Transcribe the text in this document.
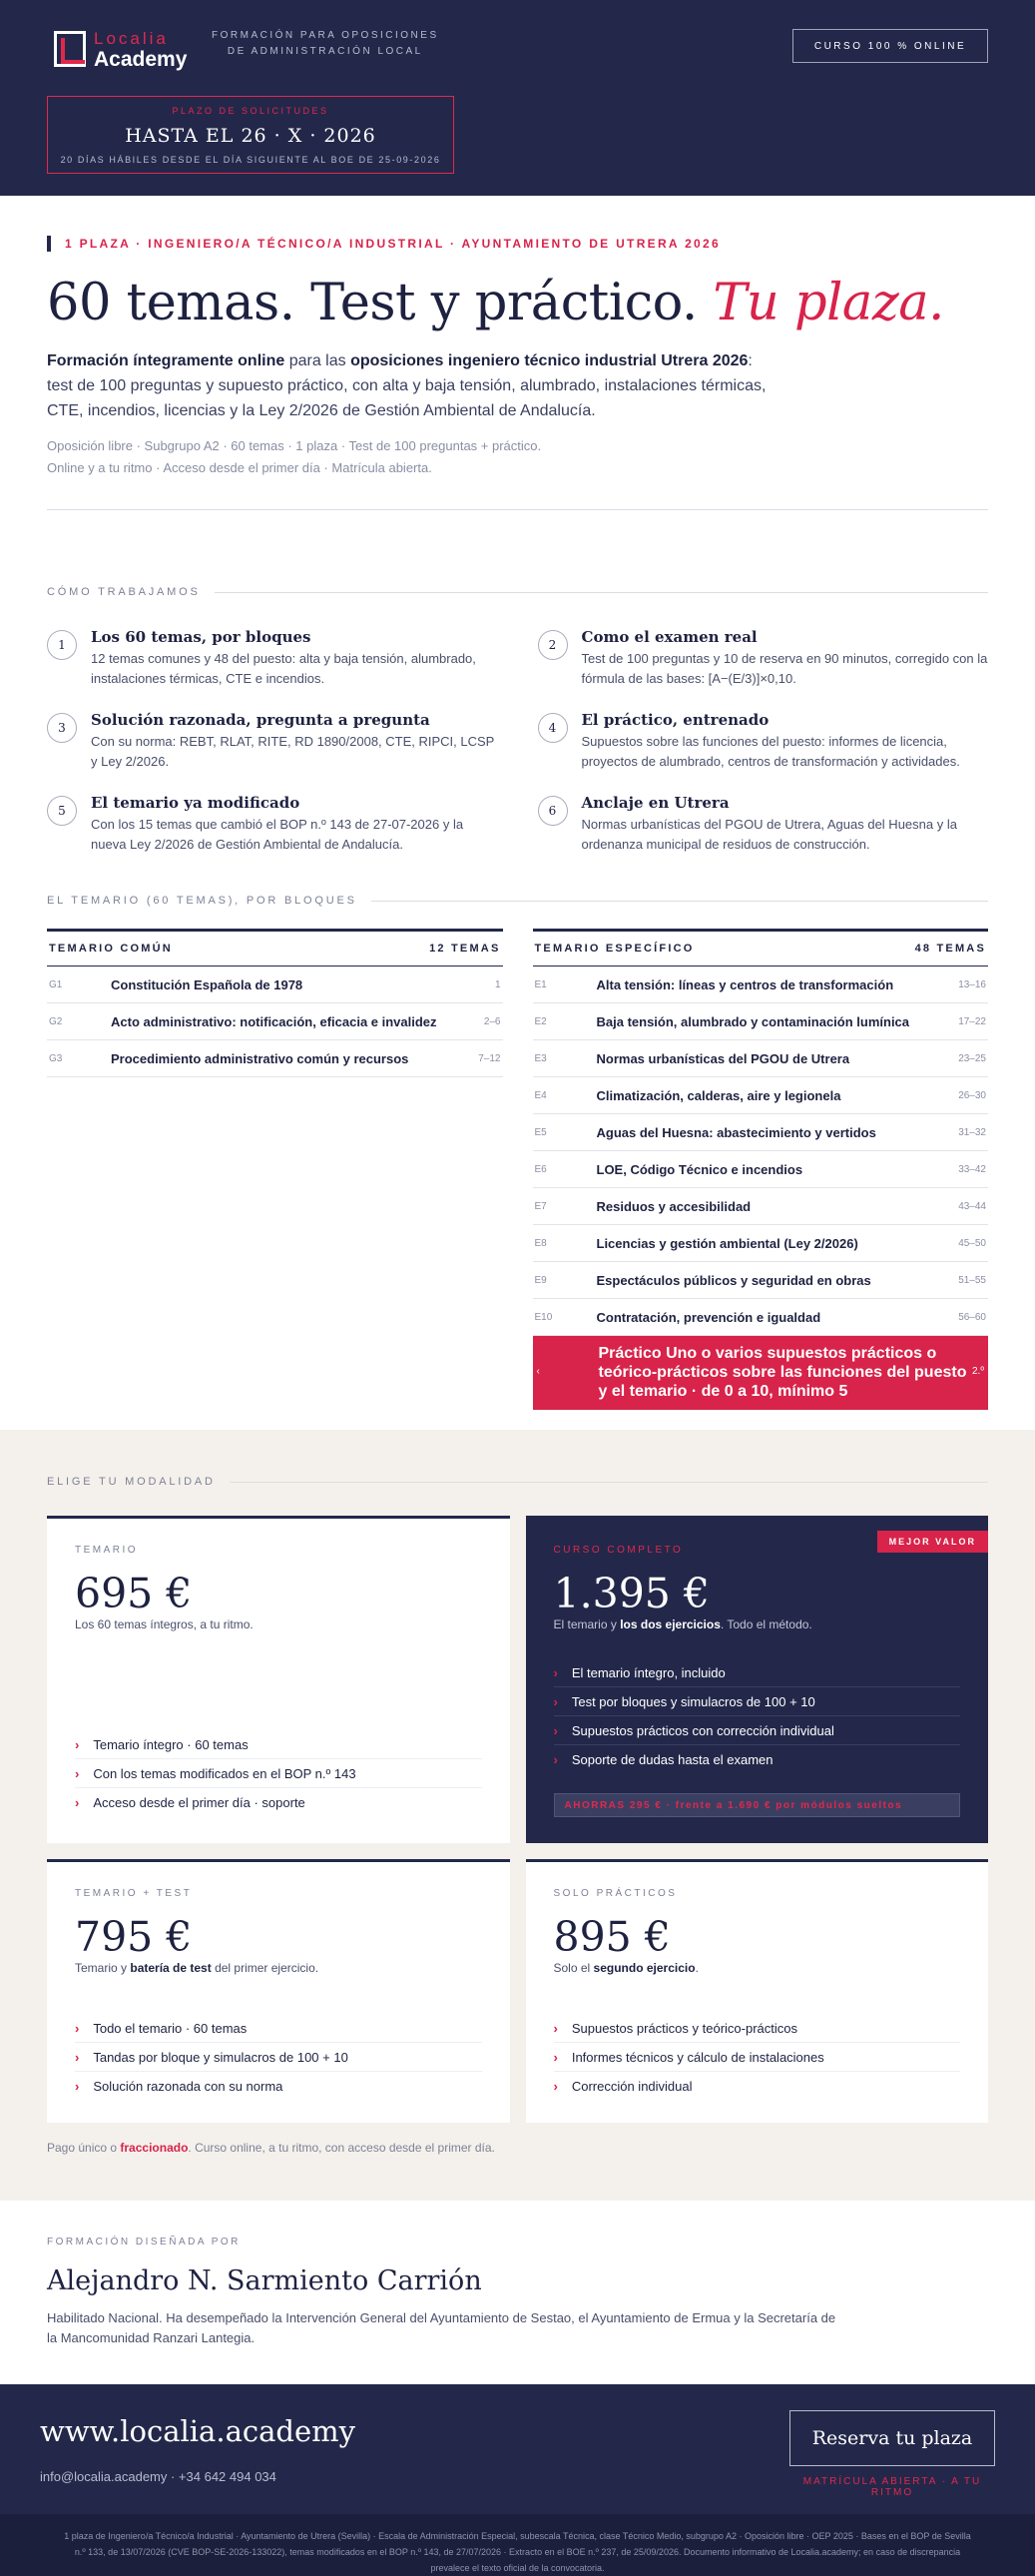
Localia
Academy
FORMACIÓN PARA OPOSICIONES
DE ADMINISTRACIÓN LOCAL	CURSO 100 % ONLINE
PLAZO DE SOLICITUDES
HASTA EL 26 · X · 2026
20 DÍAS HÁBILES DESDE EL DÍA SIGUIENTE AL BOE DE 25-09-2026
1 PLAZA · INGENIERO/A TÉCNICO/A INDUSTRIAL · AYUNTAMIENTO DE UTRERA 2026
60 temas. Test y práctico. Tu plaza.
Formación íntegramente online para las oposiciones ingeniero técnico industrial Utrera 2026: test de 100 preguntas y supuesto práctico, con alta y baja tensión, alumbrado, instalaciones térmicas, CTE, incendios, licencias y la Ley 2/2026 de Gestión Ambiental de Andalucía.
Oposición libre · Subgrupo A2 · 60 temas · 1 plaza · Test de 100 preguntas + práctico.
Online y a tu ritmo · Acceso desde el primer día · Matrícula abierta.
CÓMO TRABAJAMOS
1	Los 60 temas, por bloques
12 temas comunes y 48 del puesto: alta y baja tensión, alumbrado, instalaciones térmicas, CTE e incendios.
2	Como el examen real
Test de 100 preguntas y 10 de reserva en 90 minutos, corregido con la fórmula de las bases: [A−(E/3)]×0,10.
3	Solución razonada, pregunta a pregunta
Con su norma: REBT, RLAT, RITE, RD 1890/2008, CTE, RIPCI, LCSP y Ley 2/2026.
4	El práctico, entrenado
Supuestos sobre las funciones del puesto: informes de licencia, proyectos de alumbrado, centros de transformación y actividades.
5	El temario ya modificado
Con los 15 temas que cambió el BOP n.º 143 de 27-07-2026 y la nueva Ley 2/2026 de Gestión Ambiental de Andalucía.
6	Anclaje en Utrera
Normas urbanísticas del PGOU de Utrera, Aguas del Huesna y la ordenanza municipal de residuos de construcción.
EL TEMARIO (60 TEMAS), POR BLOQUES
TEMARIO COMÚN	12 TEMAS
G1	Constitución Española de 1978	1
G2	Acto administrativo: notificación, eficacia e invalidez	2–6
G3	Procedimiento administrativo común y recursos	7–12
TEMARIO ESPECÍFICO	48 TEMAS
E1	Alta tensión: líneas y centros de transformación	13–16
E2	Baja tensión, alumbrado y contaminación lumínica	17–22
E3	Normas urbanísticas del PGOU de Utrera	23–25
E4	Climatización, calderas, aire y legionela	26–30
E5	Aguas del Huesna: abastecimiento y vertidos	31–32
E6	LOE, Código Técnico e incendios	33–42
E7	Residuos y accesibilidad	43–44
E8	Licencias y gestión ambiental (Ley 2/2026)	45–50
E9	Espectáculos públicos y seguridad en obras	51–55
E10	Contratación, prevención e igualdad	56–60
‹
Práctico Uno o varios supuestos prácticos o teórico-prácticos sobre las funciones del puesto y el temario · de 0 a 10, mínimo 5
2.º
ELIGE TU MODALIDAD
TEMARIO
695 €
Los 60 temas íntegros, a tu ritmo.
› Temario íntegro · 60 temas
› Con los temas modificados en el BOP n.º 143
› Acceso desde el primer día · soporte
MEJOR VALOR
CURSO COMPLETO
1.395 €
El temario y los dos ejercicios. Todo el método.
› El temario íntegro, incluido
› Test por bloques y simulacros de 100 + 10
› Supuestos prácticos con corrección individual
› Soporte de dudas hasta el examen
AHORRAS 295 € · frente a 1.690 € por módulos sueltos
TEMARIO + TEST
795 €
Temario y batería de test del primer ejercicio.
› Todo el temario · 60 temas
› Tandas por bloque y simulacros de 100 + 10
› Solución razonada con su norma
SOLO PRÁCTICOS
895 €
Solo el segundo ejercicio.
› Supuestos prácticos y teórico-prácticos
› Informes técnicos y cálculo de instalaciones
› Corrección individual
Pago único o fraccionado. Curso online, a tu ritmo, con acceso desde el primer día.
FORMACIÓN DISEÑADA POR
Alejandro N. Sarmiento Carrión
Habilitado Nacional. Ha desempeñado la Intervención General del Ayuntamiento de Sestao, el Ayuntamiento de Ermua y la Secretaría de la Mancomunidad Ranzari Lantegia.
www.localia.academy
info@localia.academy · +34 642 494 034
Reserva tu plaza
MATRÍCULA ABIERTA · A TU RITMO
1 plaza de Ingeniero/a Técnico/a Industrial · Ayuntamiento de Utrera (Sevilla) · Escala de Administración Especial, subescala Técnica, clase Técnico Medio, subgrupo A2 · Oposición libre · OEP 2025 · Bases en el BOP de Sevilla n.º 133, de 13/07/2026 (CVE BOP-SE-2026-133022), temas modificados en el BOP n.º 143, de 27/07/2026 · Extracto en el BOE n.º 237, de 25/09/2026. Documento informativo de Localia.academy; en caso de discrepancia prevalece el texto oficial de la convocatoria.
